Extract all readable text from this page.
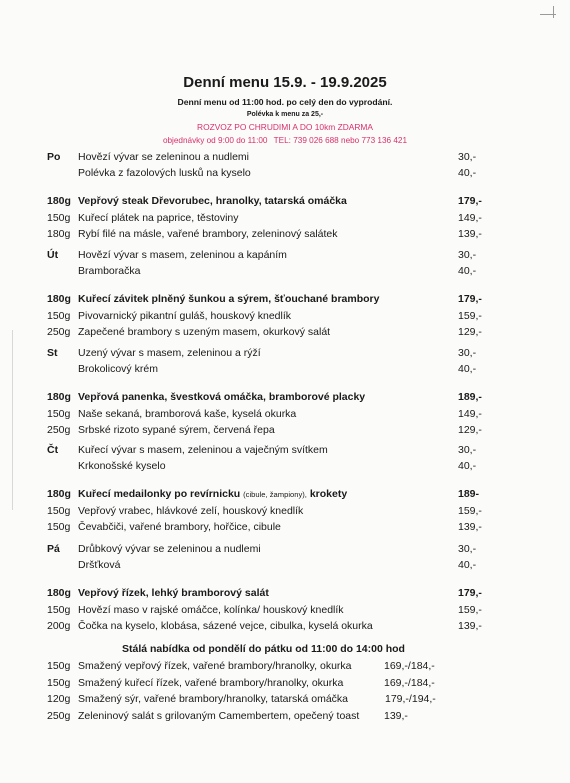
Denní menu 15.9. - 19.9.2025
Denní menu od 11:00 hod. po celý den do vyprodání.
Polévka k menu za 25,-
ROZVOZ PO CHRUDIMI A DO 10km ZDARMA
objednávky od 9:00 do 11:00 TEL: 739 026 688 nebo 773 136 421
Po Hovězí vývar se zeleninou a nudlemi	30,-
Polévka z fazolových lusků na kyselo	40,-
180g Vepřový steak Dřevorubec, hranolky, tatarská omáčka	179,-
150g Kuřecí plátek na paprice, těstoviny	149,-
180g Rybí filé na másle, vařené brambory, zeleninový salátek	139,-
Út Hovězí vývar s masem, zeleninou a kapáním	30,-
Bramboračka	40,-
180g Kuřecí závitek plněný šunkou a sýrem, šťouchané brambory	179,-
150g Pivovarnický pikantní guláš, houskový knedlík	159,-
250g Zapečené brambory s uzeným masem, okurkový salát	129,-
St Uzený vývar s masem, zeleninou a rýží	30,-
Brokolicový krém	40,-
180g Vepřová panenka, švestková omáčka, bramborové placky	189,-
150g Naše sekaná, bramborová kaše, kyselá okurka	149,-
250g Srbské rizoto sypané sýrem, červená řepa	129,-
Čt Kuřecí vývar s masem, zeleninou a vaječným svítkem	30,-
Krkonošské kyselo	40,-
180g Kuřecí medailonky po revírnicku (cibule, žampiony), krokety	189-
150g Vepřový vrabec, hlávkové zelí, houskový knedlík	159,-
150g Čevabčiči, vařené brambory, hořčice, cibule	139,-
Pá Drůbkový vývar se zeleninou a nudlemi	30,-
Dršťková	40,-
180g Vepřový řízek, lehký bramborový salát	179,-
150g Hovězí maso v rajské omáčce, kolínka/ houskový knedlík	159,-
200g Čočka na kyselo, klobása, sázené vejce, cibulka, kyselá okurka	139,-
Stálá nabídka od pondělí do pátku od 11:00 do 14:00 hod
150g Smažený vepřový řízek, vařené brambory/hranolky, okurka	169,-/184,-
150g Smažený kuřecí řízek, vařené brambory/hranolky, okurka	169,-/184,-
120g Smažený sýr, vařené brambory/hranolky, tatarská omáčka	179,-/194,-
250g Zeleninový salát s grilovaným Camembertem, opečený toast 139,-
